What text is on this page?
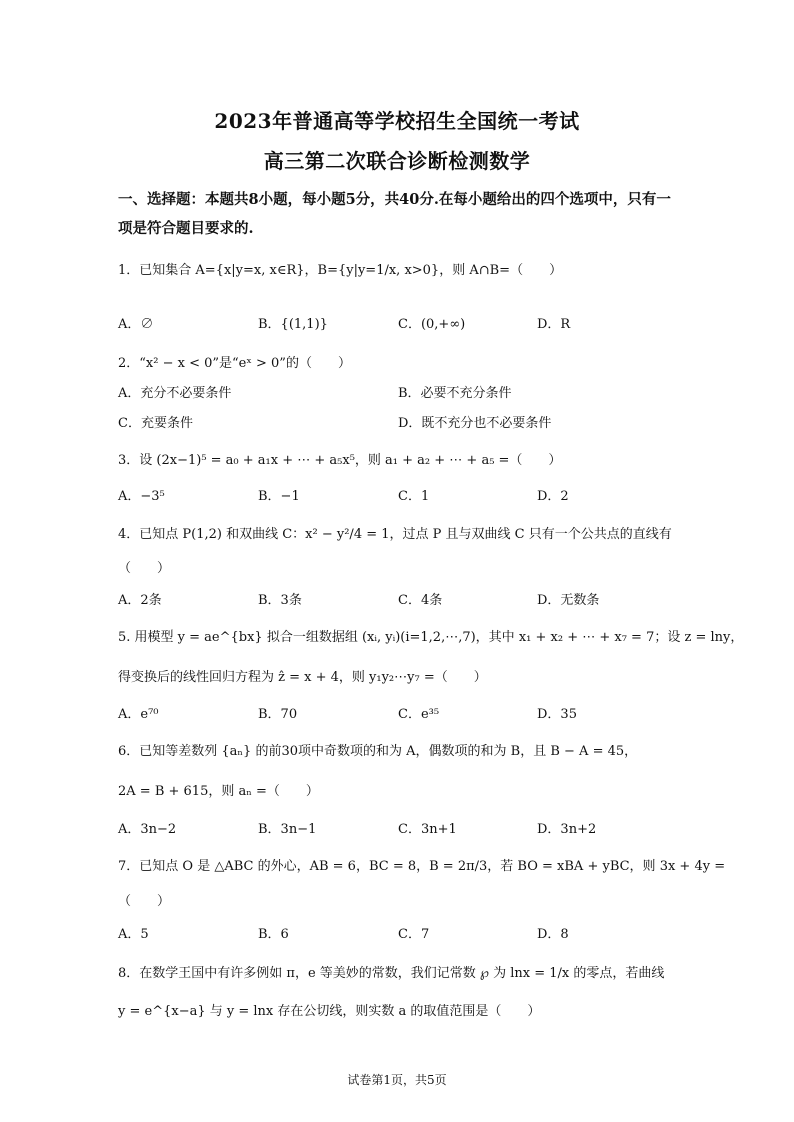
2023年普通高等学校招生全国统一考试
高三第二次联合诊断检测数学
一、选择题：本题共8小题，每小题5分，共40分.在每小题给出的四个选项中，只有一项是符合题目要求的.
1．已知集合 A={x|y=x, x∈R}，B={y|y=1/x, x>0}，则 A∩B=（　　）
A．∅	B．{(1,1)}	C．(0,+∞)	D．R
2．“x² − x < 0”是“eˣ > 0”的（　　）
A．充分不必要条件	B．必要不充分条件
C．充要条件	D．既不充分也不必要条件
3．设 (2x−1)⁵ = a₀ + a₁x + ⋯ + a₅x⁵，则 a₁ + a₂ + ⋯ + a₅ =（　　）
A．−3⁵	B．−1	C．1	D．2
4．已知点 P(1,2) 和双曲线 C：x² − y²/4 = 1，过点 P 且与双曲线 C 只有一个公共点的直线有
（　　）
A．2条	B．3条	C．4条	D．无数条
5. 用模型 y = ae^{bx} 拟合一组数据组 (xᵢ, yᵢ)(i=1,2,⋯,7)，其中 x₁ + x₂ + ⋯ + x₇ = 7；设 z = lny，
得变换后的线性回归方程为 ẑ = x + 4，则 y₁y₂⋯y₇ =（　　）
A．e⁷⁰	B．70	C．e³⁵	D．35
6．已知等差数列 {aₙ} 的前30项中奇数项的和为 A，偶数项的和为 B，且 B − A = 45，
2A = B + 615，则 aₙ =（　　）
A．3n−2	B．3n−1	C．3n+1	D．3n+2
7．已知点 O 是 △ABC 的外心，AB = 6，BC = 8，B = 2π/3，若 BO = xBA + yBC，则 3x + 4y =
（　　）
A．5	B．6	C．7	D．8
8．在数学王国中有许多例如 π，e 等美妙的常数，我们记常数 ℘ 为 lnx = 1/x 的零点，若曲线
y = e^{x−a} 与 y = lnx 存在公切线，则实数 a 的取值范围是（　　）
试卷第1页，共5页
